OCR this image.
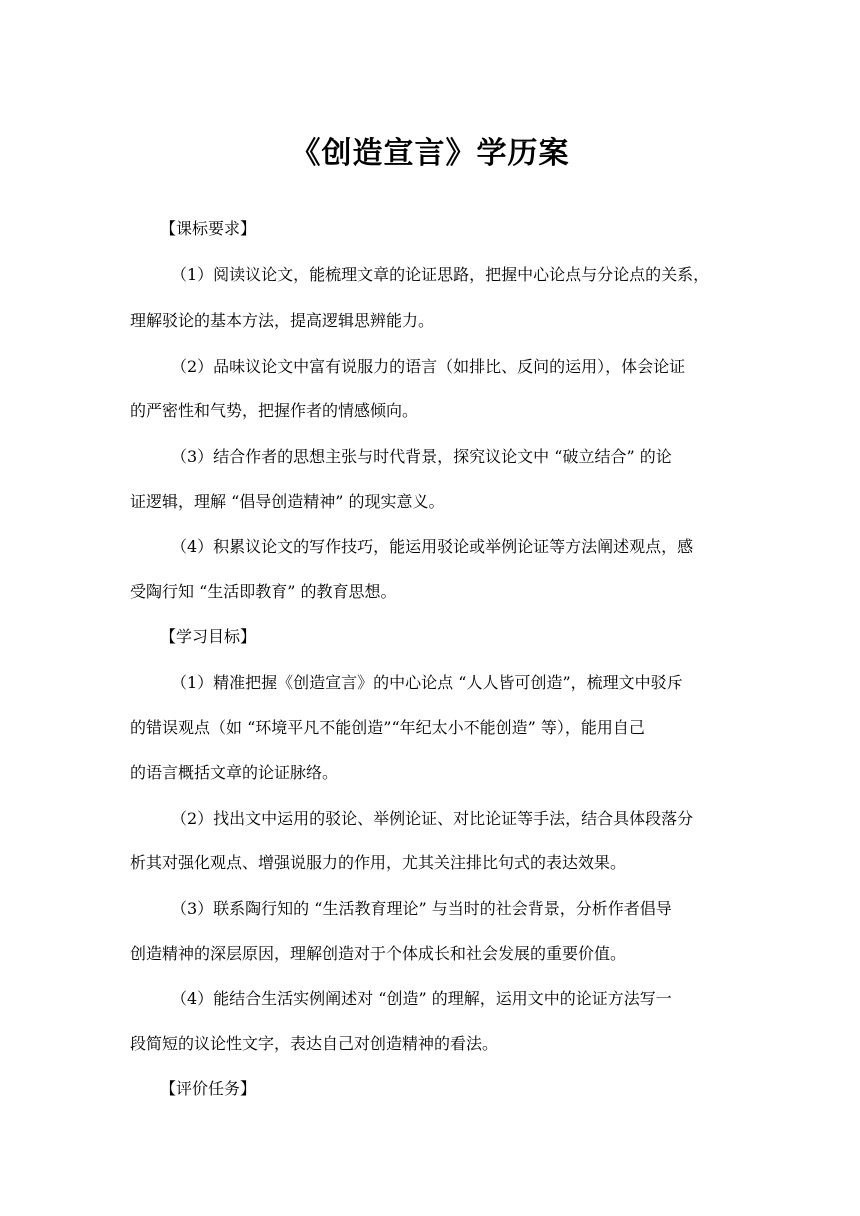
《创造宣言》学历案
【课标要求】
（1）阅读议论文，能梳理文章的论证思路，把握中心论点与分论点的关系，
理解驳论的基本方法，提高逻辑思辨能力。
（2）品味议论文中富有说服力的语言（如排比、反问的运用），体会论证
的严密性和气势，把握作者的情感倾向。
（3）结合作者的思想主张与时代背景，探究议论文中 “破立结合” 的论
证逻辑，理解 “倡导创造精神” 的现实意义。
（4）积累议论文的写作技巧，能运用驳论或举例论证等方法阐述观点，感
受陶行知 “生活即教育” 的教育思想。
【学习目标】
（1）精准把握《创造宣言》的中心论点 “人人皆可创造”，梳理文中驳斥
的错误观点（如 “环境平凡不能创造”“年纪太小不能创造” 等），能用自己
的语言概括文章的论证脉络。
（2）找出文中运用的驳论、举例论证、对比论证等手法，结合具体段落分
析其对强化观点、增强说服力的作用，尤其关注排比句式的表达效果。
（3）联系陶行知的 “生活教育理论” 与当时的社会背景，分析作者倡导
创造精神的深层原因，理解创造对于个体成长和社会发展的重要价值。
（4）能结合生活实例阐述对 “创造” 的理解，运用文中的论证方法写一
段简短的议论性文字，表达自己对创造精神的看法。
【评价任务】
